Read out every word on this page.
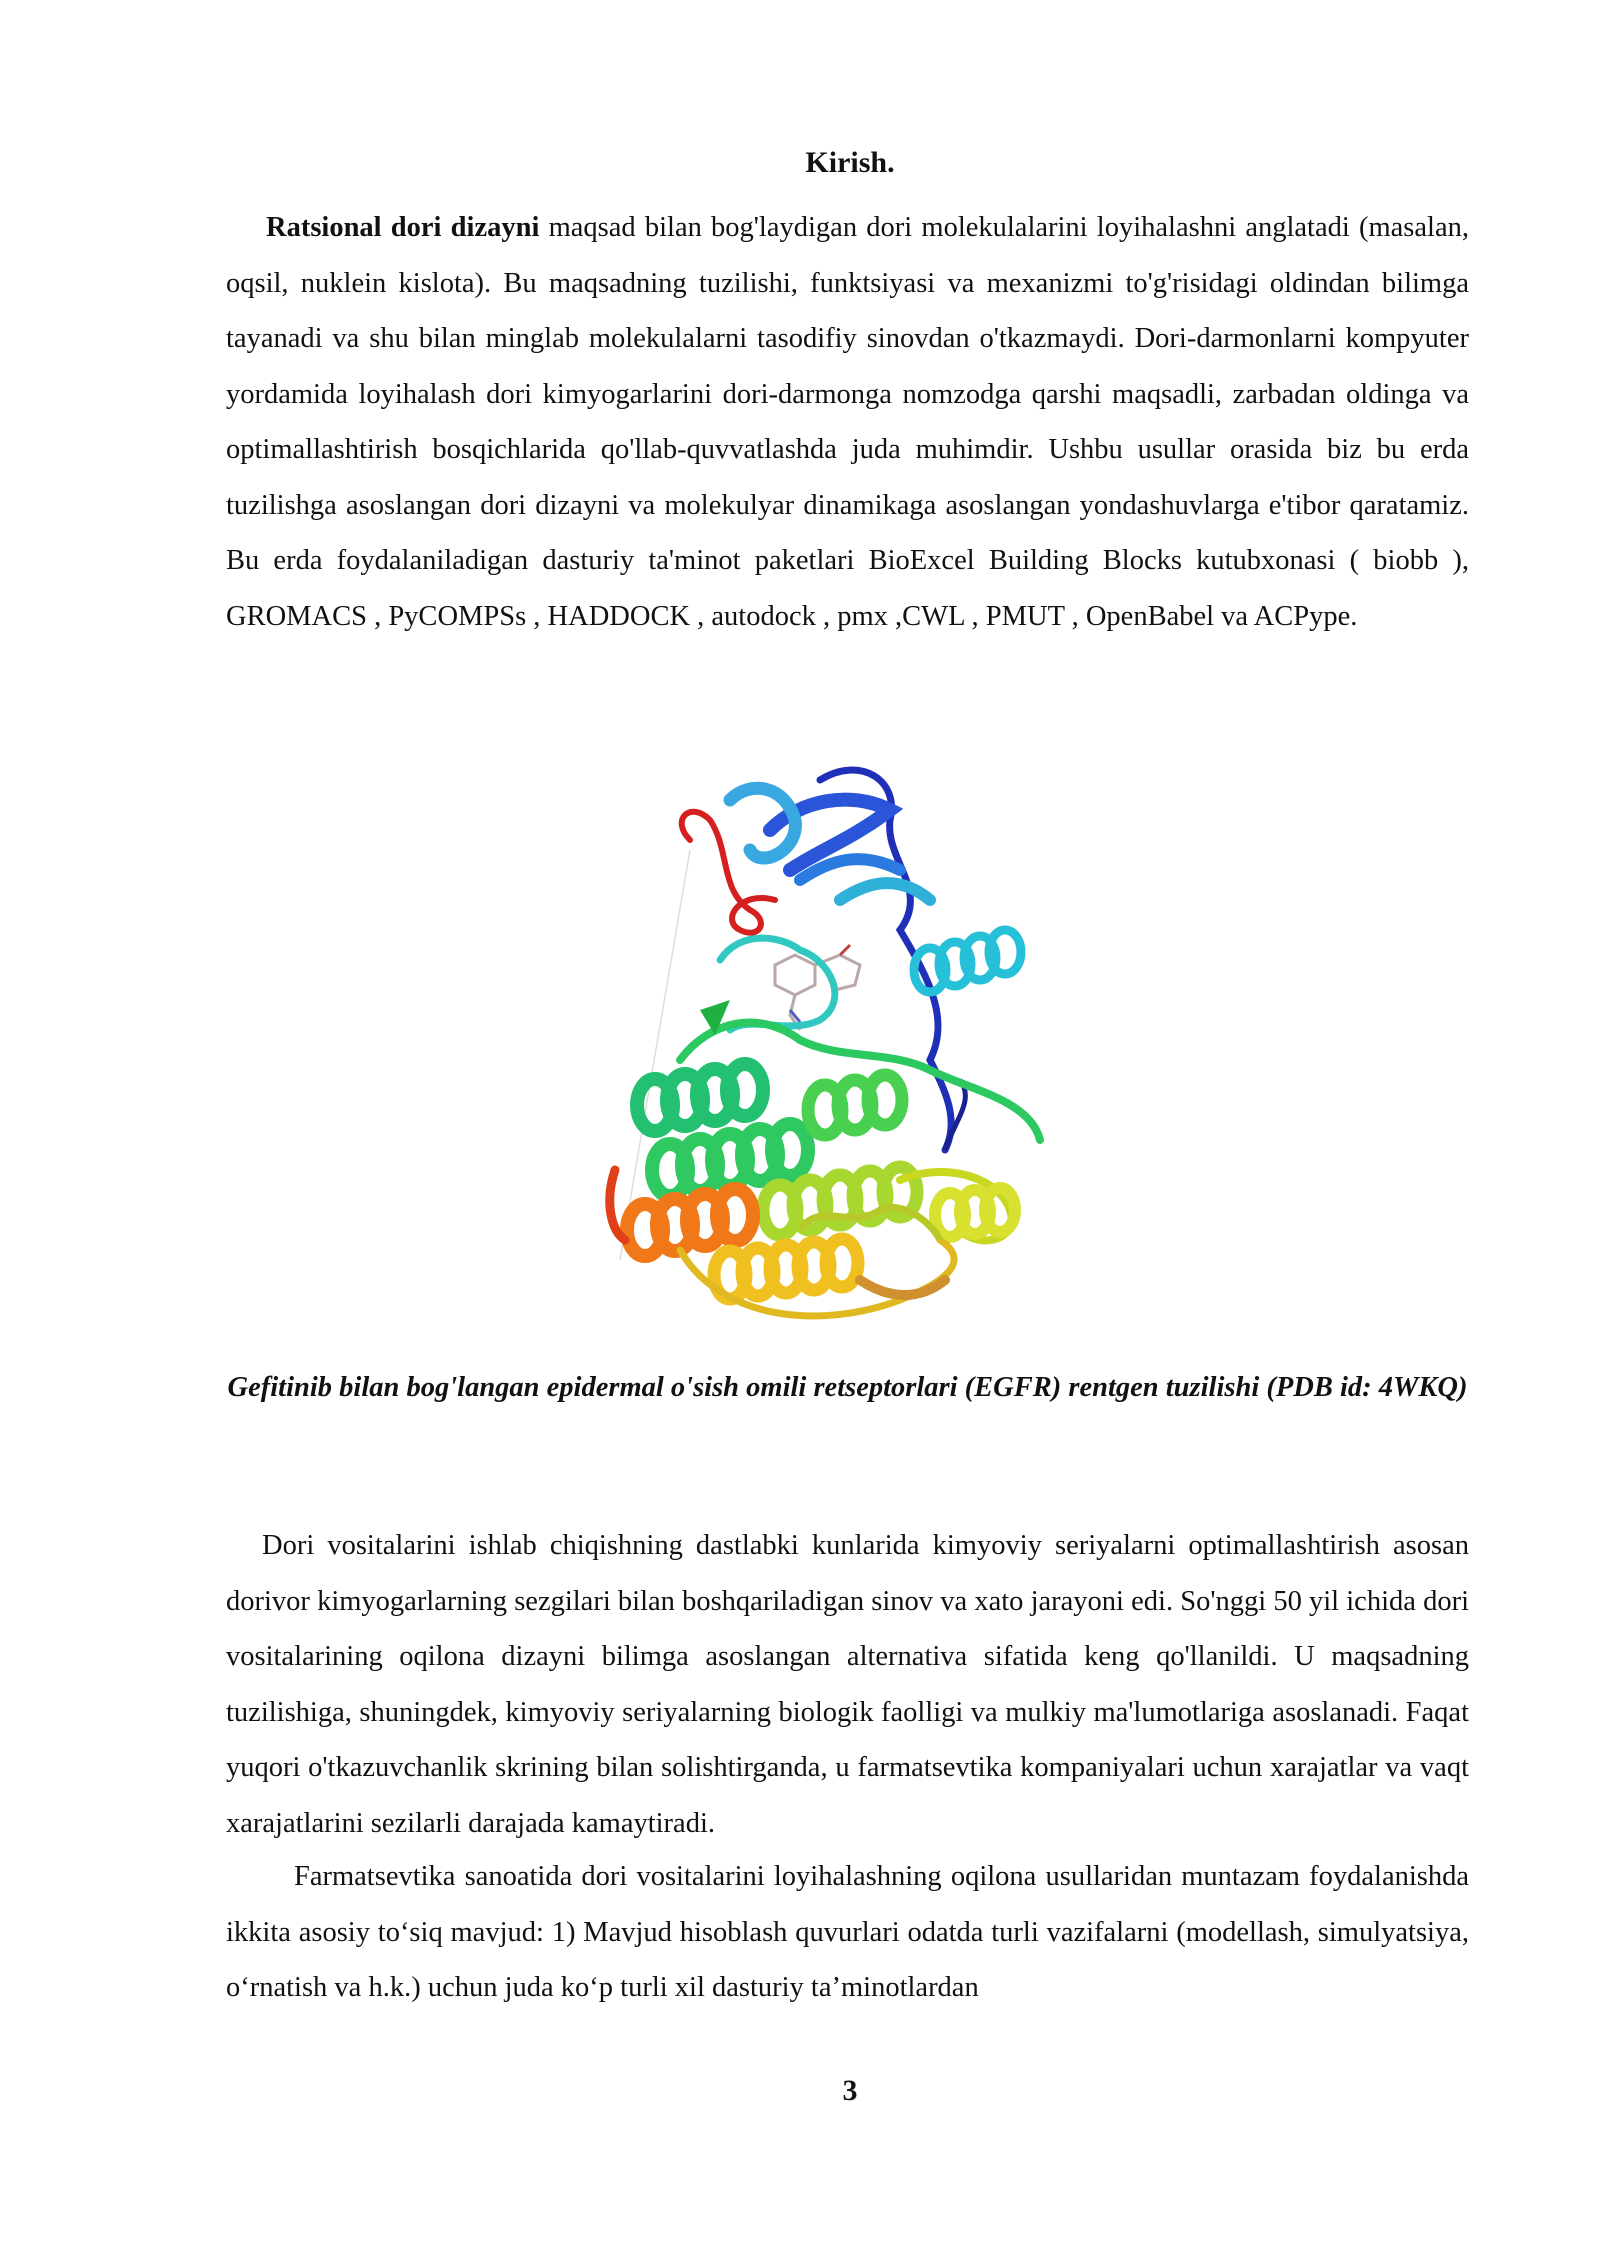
Kirish.

Ratsional dori dizayni maqsad bilan bog'laydigan dori molekulalarini loyihalashni anglatadi (masalan, oqsil, nuklein kislota). Bu maqsadning tuzilishi, funktsiyasi va mexanizmi to'g'risidagi oldindan bilimga tayanadi va shu bilan minglab molekulalarni tasodifiy sinovdan o'tkazmaydi. Dori-darmonlarni kompyuter yordamida loyihalash dori kimyogarlarini dori-darmonga nomzodga qarshi maqsadli, zarbadan oldinga va optimallashtirish bosqichlarida qo'llab-quvvatlashda juda muhimdir. Ushbu usullar orasida biz bu erda tuzilishga asoslangan dori dizayni va molekulyar dinamikaga asoslangan yondashuvlarga e'tibor qaratamiz. Bu erda foydalaniladigan dasturiy ta'minot paketlari BioExcel Building Blocks kutubxonasi ( biobb ), GROMACS , PyCOMPSs , HADDOCK , autodock , pmx ,CWL , PMUT , OpenBabel va ACPype.

Gefitinib bilan bog'langan epidermal o'sish omili retseptorlari (EGFR) rentgen tuzilishi (PDB id: 4WKQ)

Dori vositalarini ishlab chiqishning dastlabki kunlarida kimyoviy seriyalarni optimallashtirish asosan dorivor kimyogarlarning sezgilari bilan boshqariladigan sinov va xato jarayoni edi. So'nggi 50 yil ichida dori vositalarining oqilona dizayni bilimga asoslangan alternativa sifatida keng qo'llanildi. U maqsadning tuzilishiga, shuningdek, kimyoviy seriyalarning biologik faolligi va mulkiy ma'lumotlariga asoslanadi. Faqat yuqori o'tkazuvchanlik skrining bilan solishtirganda, u farmatsevtika kompaniyalari uchun xarajatlar va vaqt xarajatlarini sezilarli darajada kamaytiradi.

Farmatsevtika sanoatida dori vositalarini loyihalashning oqilona usullaridan muntazam foydalanishda ikkita asosiy to‘siq mavjud: 1) Mavjud hisoblash quvurlari odatda turli vazifalarni (modellash, simulyatsiya, o‘rnatish va h.k.) uchun juda ko‘p turli xil dasturiy ta’minotlardan

3
